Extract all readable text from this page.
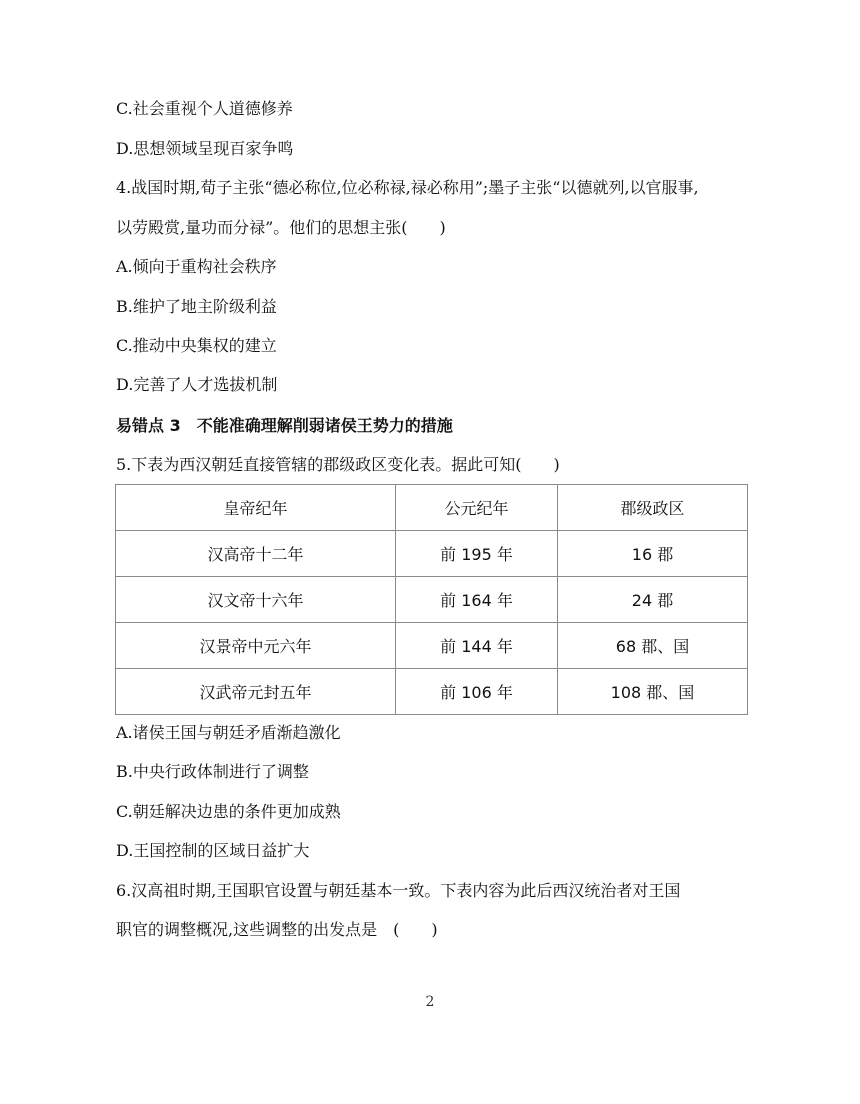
C.社会重视个人道德修养
D.思想领域呈现百家争鸣
4.战国时期,荀子主张“德必称位,位必称禄,禄必称用”;墨子主张“以德就列,以官服事,
以劳殿赏,量功而分禄”。他们的思想主张(　　)
A.倾向于重构社会秩序
B.维护了地主阶级利益
C.推动中央集权的建立
D.完善了人才选拔机制
易错点 3　不能准确理解削弱诸侯王势力的措施
5.下表为西汉朝廷直接管辖的郡级政区变化表。据此可知(　　)
皇帝纪年	公元纪年	郡级政区
汉高帝十二年	前 195 年	16 郡
汉文帝十六年	前 164 年	24 郡
汉景帝中元六年	前 144 年	68 郡、国
汉武帝元封五年	前 106 年	108 郡、国
A.诸侯王国与朝廷矛盾渐趋激化
B.中央行政体制进行了调整
C.朝廷解决边患的条件更加成熟
D.王国控制的区域日益扩大
6.汉高祖时期,王国职官设置与朝廷基本一致。下表内容为此后西汉统治者对王国
职官的调整概况,这些调整的出发点是　(　　)
2
